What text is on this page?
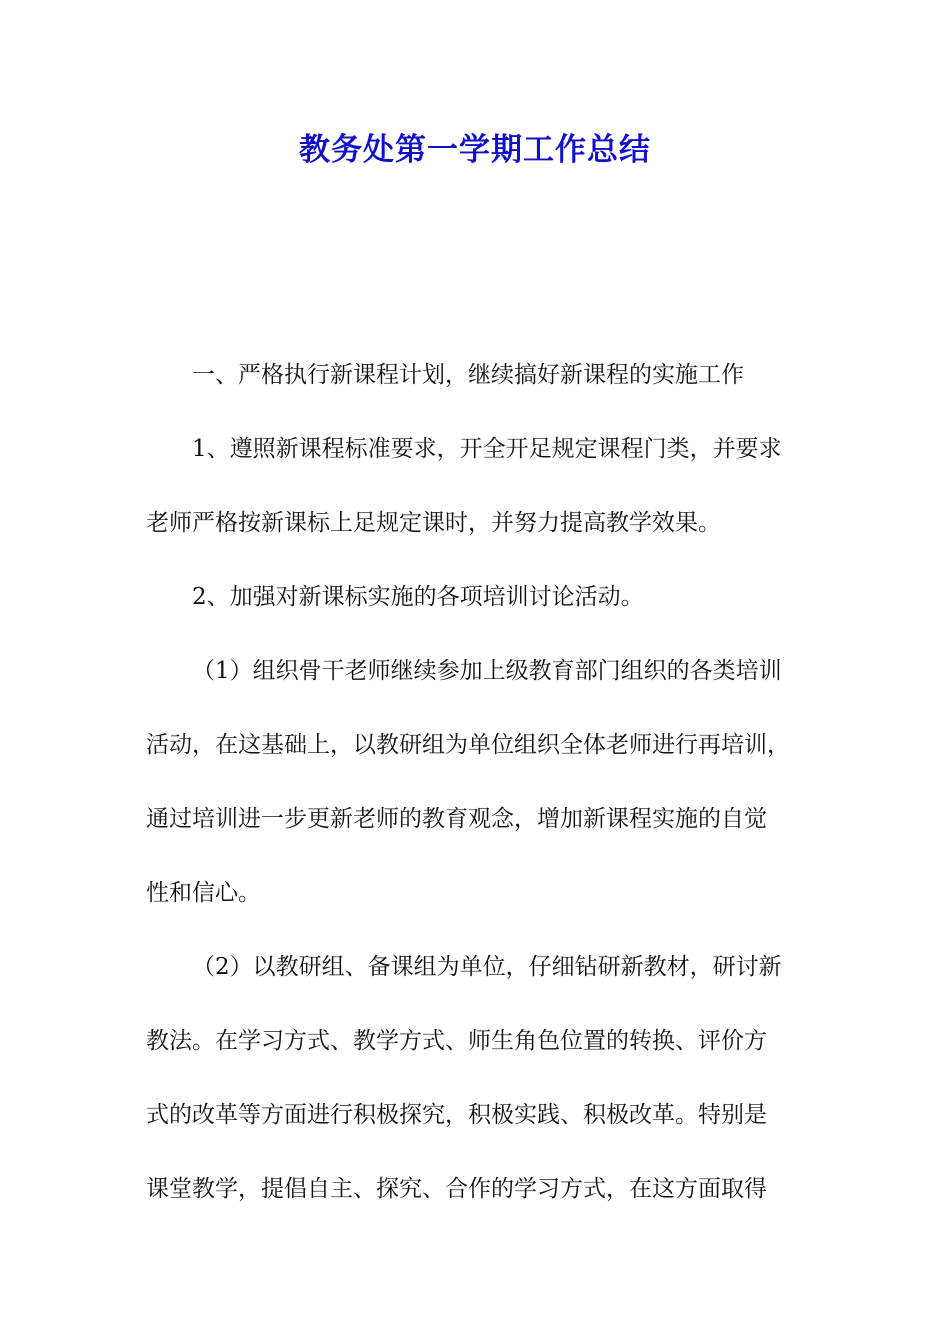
教务处第一学期工作总结
一、严格执行新课程计划，继续搞好新课程的实施工作
1、遵照新课程标准要求，开全开足规定课程门类，并要求
老师严格按新课标上足规定课时，并努力提高教学效果。
2、加强对新课标实施的各项培训讨论活动。
（1）组织骨干老师继续参加上级教育部门组织的各类培训
活动，在这基础上，以教研组为单位组织全体老师进行再培训，
通过培训进一步更新老师的教育观念，增加新课程实施的自觉
性和信心。
（2）以教研组、备课组为单位，仔细钻研新教材，研讨新
教法。在学习方式、教学方式、师生角色位置的转换、评价方
式的改革等方面进行积极探究，积极实践、积极改革。特别是
课堂教学，提倡自主、探究、合作的学习方式，在这方面取得
